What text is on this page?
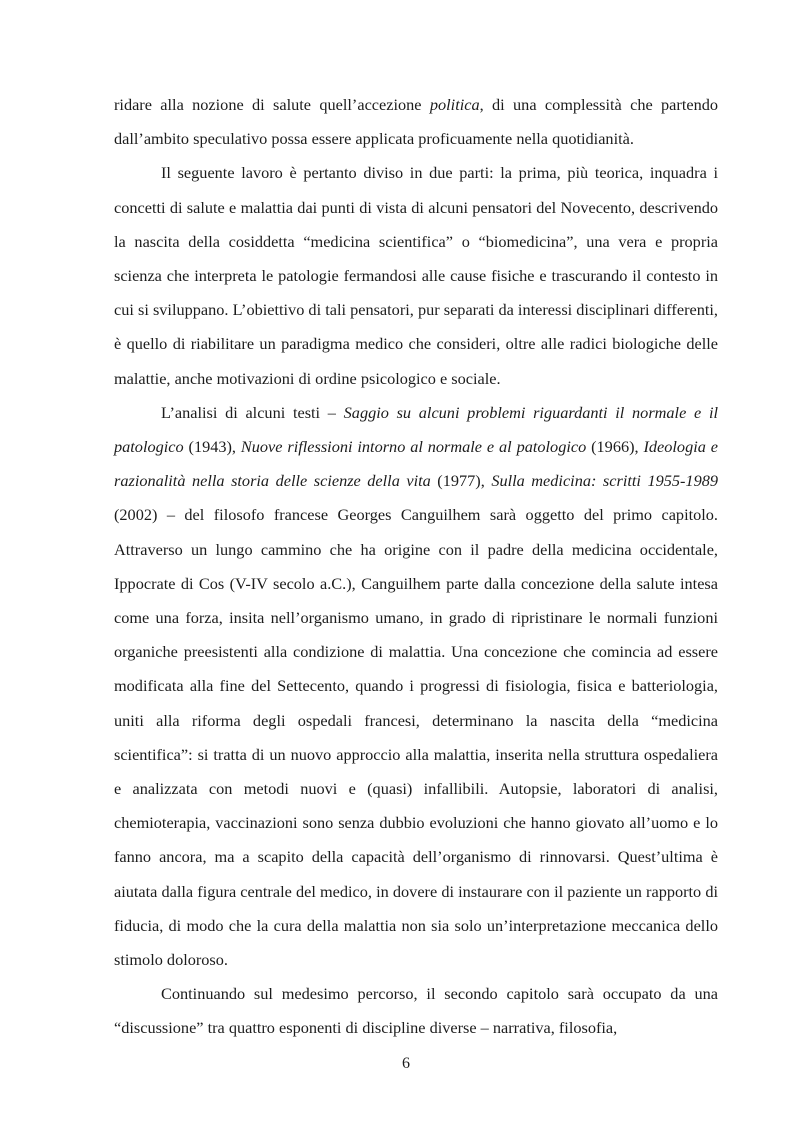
ridare alla nozione di salute quell’accezione politica, di una complessità che partendo dall’ambito speculativo possa essere applicata proficuamente nella quotidianità.

Il seguente lavoro è pertanto diviso in due parti: la prima, più teorica, inquadra i concetti di salute e malattia dai punti di vista di alcuni pensatori del Novecento, descrivendo la nascita della cosiddetta “medicina scientifica” o “biomedicina”, una vera e propria scienza che interpreta le patologie fermandosi alle cause fisiche e trascurando il contesto in cui si sviluppano. L’obiettivo di tali pensatori, pur separati da interessi disciplinari differenti, è quello di riabilitare un paradigma medico che consideri, oltre alle radici biologiche delle malattie, anche motivazioni di ordine psicologico e sociale.

L’analisi di alcuni testi – Saggio su alcuni problemi riguardanti il normale e il patologico (1943), Nuove riflessioni intorno al normale e al patologico (1966), Ideologia e razionalità nella storia delle scienze della vita (1977), Sulla medicina: scritti 1955-1989 (2002) – del filosofo francese Georges Canguilhem sarà oggetto del primo capitolo. Attraverso un lungo cammino che ha origine con il padre della medicina occidentale, Ippocrate di Cos (V-IV secolo a.C.), Canguilhem parte dalla concezione della salute intesa come una forza, insita nell’organismo umano, in grado di ripristinare le normali funzioni organiche preesistenti alla condizione di malattia. Una concezione che comincia ad essere modificata alla fine del Settecento, quando i progressi di fisiologia, fisica e batteriologia, uniti alla riforma degli ospedali francesi, determinano la nascita della “medicina scientifica”: si tratta di un nuovo approccio alla malattia, inserita nella struttura ospedaliera e analizzata con metodi nuovi e (quasi) infallibili. Autopsie, laboratori di analisi, chemioterapia, vaccinazioni sono senza dubbio evoluzioni che hanno giovato all’uomo e lo fanno ancora, ma a scapito della capacità dell’organismo di rinnovarsi. Quest’ultima è aiutata dalla figura centrale del medico, in dovere di instaurare con il paziente un rapporto di fiducia, di modo che la cura della malattia non sia solo un’interpretazione meccanica dello stimolo doloroso.

Continuando sul medesimo percorso, il secondo capitolo sarà occupato da una “discussione” tra quattro esponenti di discipline diverse – narrativa, filosofia,

6
